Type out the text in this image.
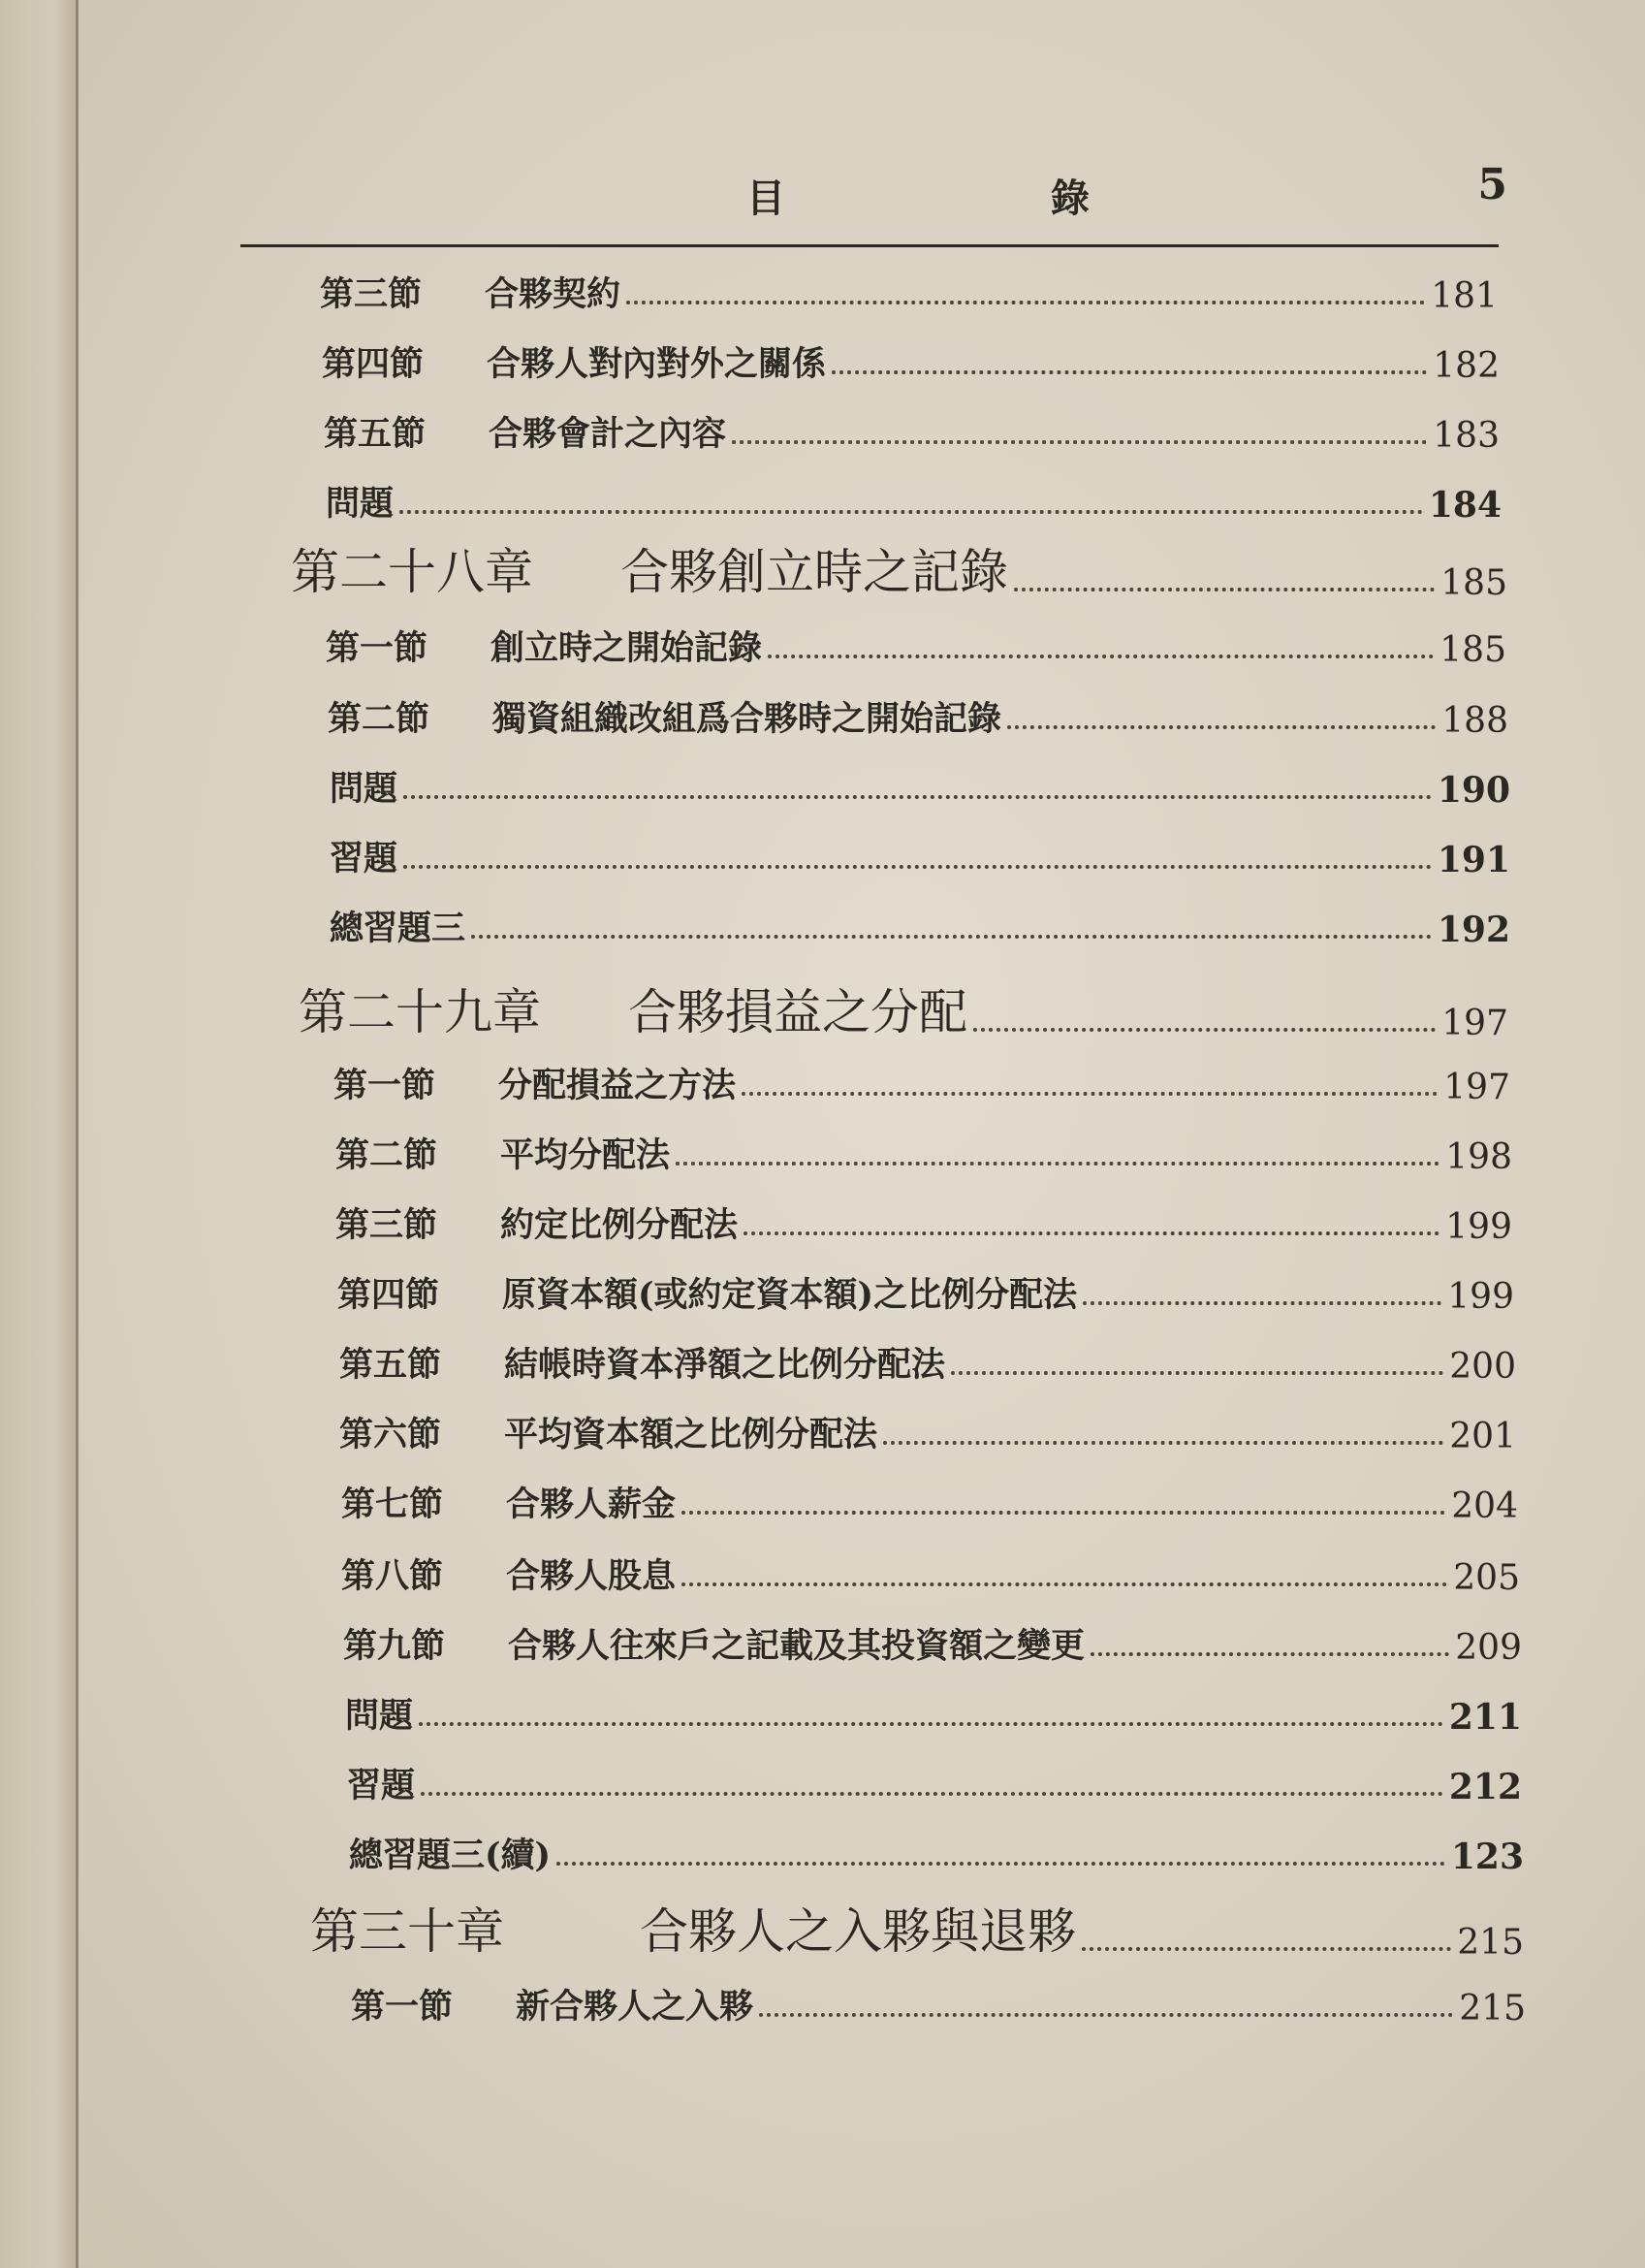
目 錄	5
第三節 合夥契約	181
第四節 合夥人對內對外之關係	182
第五節 合夥會計之內容	183
問題	184
第二十八章 合夥創立時之記錄	185
第一節 創立時之開始記錄	185
第二節 獨資組織改組爲合夥時之開始記錄	188
問題	190
習題	191
總習題三	192
第二十九章 合夥損益之分配	197
第一節 分配損益之方法	197
第二節 平均分配法	198
第三節 約定比例分配法	199
第四節 原資本額(或約定資本額)之比例分配法	199
第五節 結帳時資本淨額之比例分配法	200
第六節 平均資本額之比例分配法	201
第七節 合夥人薪金	204
第八節 合夥人股息	205
第九節 合夥人往來戶之記載及其投資額之變更	209
問題	211
習題	212
總習題三(續)	123
第三十章	合夥人之入夥與退夥	215
第一節 新合夥人之入夥	215
